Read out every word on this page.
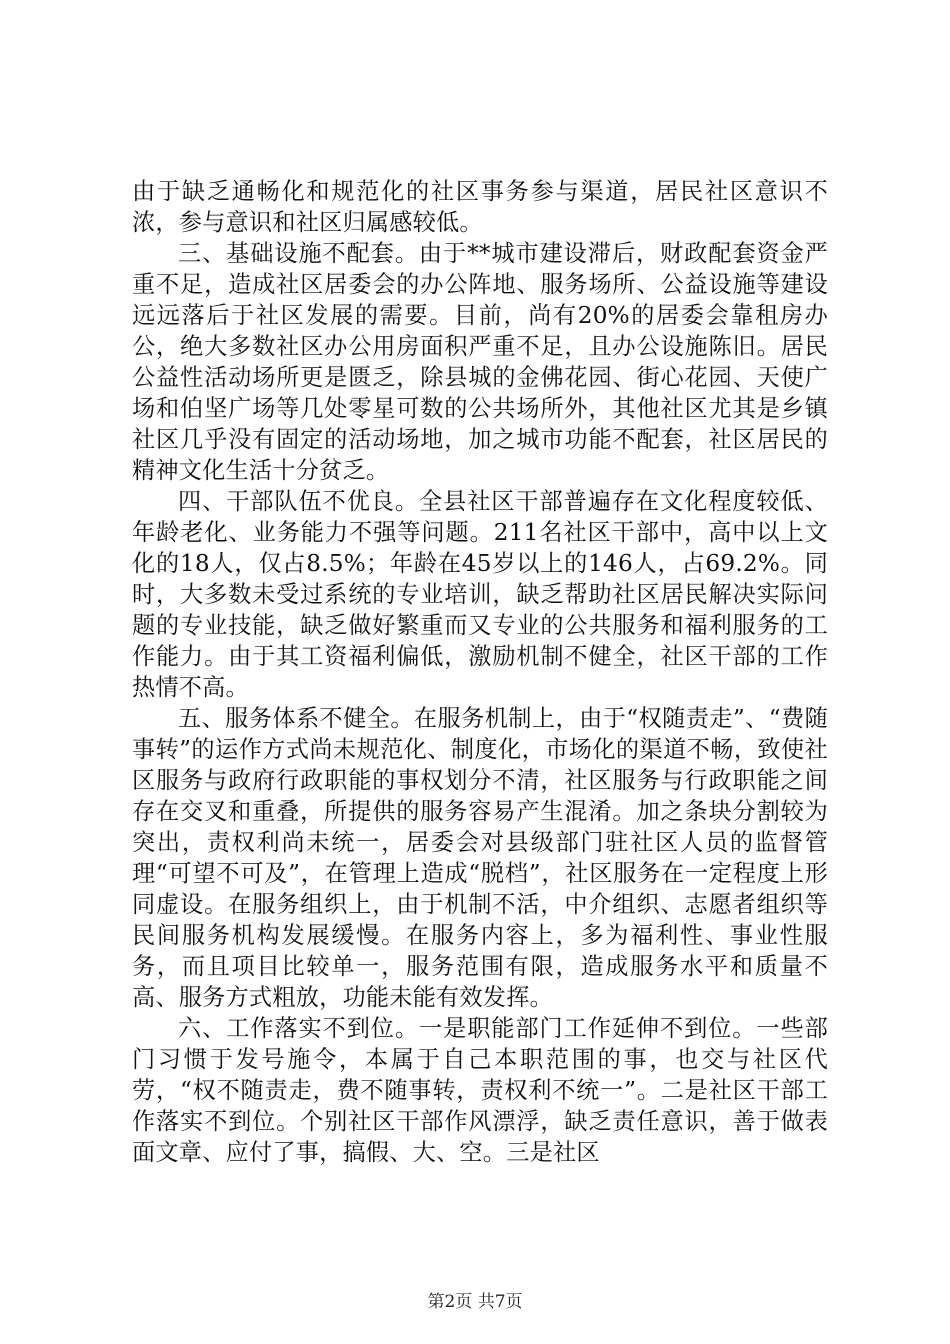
由于缺乏通畅化和规范化的社区事务参与渠道，居民社区意识不浓，参与意识和社区归属感较低。

三、基础设施不配套。由于**城市建设滞后，财政配套资金严重不足，造成社区居委会的办公阵地、服务场所、公益设施等建设远远落后于社区发展的需要。目前，尚有20%的居委会靠租房办公，绝大多数社区办公用房面积严重不足，且办公设施陈旧。居民公益性活动场所更是匮乏，除县城的金佛花园、街心花园、天使广场和伯坚广场等几处零星可数的公共场所外，其他社区尤其是乡镇社区几乎没有固定的活动场地，加之城市功能不配套，社区居民的精神文化生活十分贫乏。

四、干部队伍不优良。全县社区干部普遍存在文化程度较低、年龄老化、业务能力不强等问题。211名社区干部中，高中以上文化的18人，仅占8.5%；年龄在45岁以上的146人，占69.2%。同时，大多数未受过系统的专业培训，缺乏帮助社区居民解决实际问题的专业技能，缺乏做好繁重而又专业的公共服务和福利服务的工作能力。由于其工资福利偏低，激励机制不健全，社区干部的工作热情不高。

五、服务体系不健全。在服务机制上，由于“权随责走”、“费随事转”的运作方式尚未规范化、制度化，市场化的渠道不畅，致使社区服务与政府行政职能的事权划分不清，社区服务与行政职能之间存在交叉和重叠，所提供的服务容易产生混淆。加之条块分割较为突出，责权利尚未统一，居委会对县级部门驻社区人员的监督管理“可望不可及”，在管理上造成“脱档”，社区服务在一定程度上形同虚设。在服务组织上，由于机制不活，中介组织、志愿者组织等民间服务机构发展缓慢。在服务内容上，多为福利性、事业性服务，而且项目比较单一，服务范围有限，造成服务水平和质量不高、服务方式粗放，功能未能有效发挥。

六、工作落实不到位。一是职能部门工作延伸不到位。一些部门习惯于发号施令，本属于自己本职范围的事，也交与社区代劳，“权不随责走，费不随事转，责权利不统一”。二是社区干部工作落实不到位。个别社区干部作风漂浮，缺乏责任意识，善于做表面文章、应付了事，搞假、大、空。三是社区

第2页 共7页
